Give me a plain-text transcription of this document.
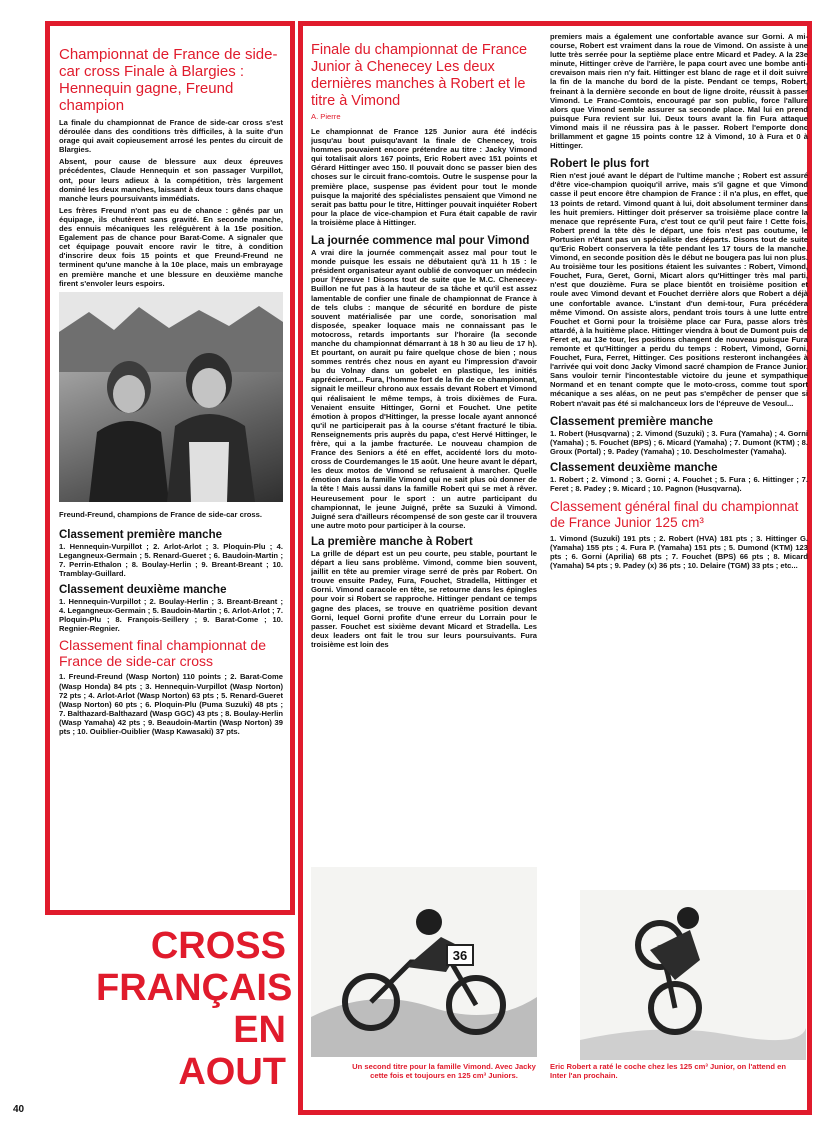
Championnat de France de side-car cross Finale à Blargies : Hennequin gagne, Freund champion

La finale du championnat de France de side-car cross s'est déroulée dans des conditions très difficiles, à la suite d'un orage qui avait copieusement arrosé les pentes du circuit de Blargies.

Absent, pour cause de blessure aux deux épreuves précédentes, Claude Hennequin et son passager Vurpillot, ont, pour leurs adieux à la compétition, très largement dominé les deux manches, laissant à deux tours dans chaque manche leurs poursuivants immédiats.

Les frères Freund n'ont pas eu de chance : gênés par un équipage, ils chutèrent sans gravité. En seconde manche, des ennuis mécaniques les reléguèrent à la 15e position. Egalement pas de chance pour Barat-Come. A signaler que cet équipage pouvait encore ravir le titre, à condition d'inscrire deux fois 15 points et que Freund-Freund ne terminent qu'une manche à la 10e place, mais un embrayage en première manche et une blessure en deuxième manche firent s'envoler leurs espoirs.

Freund-Freund, champions de France de side-car cross.
Classement première manche

1. Hennequin-Vurpillot ; 2. Arlot-Arlot ; 3. Ploquin-Plu ; 4. Legangneux-Germain ; 5. Renard-Gueret ; 6. Baudoin-Martin ; 7. Perrin-Ethalon ; 8. Boulay-Herlin ; 9. Breant-Breant ; 10. Tramblay-Guillard.

Classement deuxième manche

1. Hennequin-Vurpillot ; 2. Boulay-Herlin ; 3. Breant-Breant ; 4. Legangneux-Germain ; 5. Baudoin-Martin ; 6. Arlot-Arlot ; 7. Ploquin-Plu ; 8. François-Seillery ; 9. Barat-Come ; 10. Regnier-Regnier.

Classement final championnat de France de side-car cross

1. Freund-Freund (Wasp Norton) 110 points ; 2. Barat-Come (Wasp Honda) 84 pts ; 3. Hennequin-Vurpillot (Wasp Norton) 72 pts ; 4. Arlot-Arlot (Wasp Norton) 63 pts ; 5. Renard-Gueret (Wasp Norton) 60 pts ; 6. Ploquin-Plu (Puma Suzuki) 48 pts ; 7. Balthazard-Balthazard (Wasp GGC) 43 pts ; 8. Boulay-Herlin (Wasp Yamaha) 42 pts ; 9. Beaudoin-Martin (Wasp Norton) 39 pts ; 10. Ouiblier-Ouiblier (Wasp Kawasaki) 37 pts.

CROSS
FRANÇAIS
EN
AOUT
40
Finale du championnat de France Junior à Chenecey Les deux dernières manches à Robert et le titre à Vimond
A. Pierre

Le championnat de France 125 Junior aura été indécis jusqu'au bout puisqu'avant la finale de Chenecey, trois hommes pouvaient encore prétendre au titre : Jacky Vimond qui totalisait alors 167 points, Eric Robert avec 151 points et Gérard Hittinger avec 150. Il pouvait donc se passer bien des choses sur le circuit franc-comtois. Outre le suspense pour la première place, suspense pas évident pour tout le monde puisque la majorité des spécialistes pensaient que Vimond ne serait pas battu pour le titre, Hittinger pouvait inquiéter Robert pour la place de vice-champion et Fura était capable de ravir la troisième place à Hittinger.

La journée commence mal pour Vimond

A vrai dire la journée commençait assez mal pour tout le monde puisque les essais ne débutaient qu'à 11 h 15 : le président organisateur ayant oublié de convoquer un médecin pour l'épreuve ! Disons tout de suite que le M.C. Chenecey-Buillon ne fut pas à la hauteur de sa tâche et qu'il est assez lamentable de confier une finale de championnat de France à de tels clubs : manque de sécurité en bordure de piste souvent matérialisée par une corde, sonorisation mal disposée, speaker loquace mais ne connaissant pas le motocross, retards importants sur l'horaire (la seconde manche du championnat démarrant à 18 h 30 au lieu de 17 h). Et pourtant, on aurait pu faire quelque chose de bien ; nous sommes rentrés chez nous en ayant eu l'impression d'avoir bu du Volnay dans un gobelet en plastique, les initiés apprécieront... Fura, l'homme fort de la fin de ce championnat, signait le meilleur chrono aux essais devant Robert et Vimond qui réalisaient le même temps, à trois dixièmes de Fura. Venaient ensuite Hittinger, Gorni et Fouchet. Une petite émotion à propos d'Hittinger, la presse locale ayant annoncé qu'il ne participerait pas à la course s'étant fracturé le tibia. Renseignements pris auprès du papa, c'est Hervé Hittinger, le frère, qui a la jambe fracturée. Le nouveau champion de France des Seniors a été en effet, accidenté lors du moto-cross de Courdemanges le 15 août. Une heure avant le départ, les deux motos de Vimond se refusaient à marcher. Quelle émotion dans la famille Vimond qui ne sait plus où donner de la tête ! Mais aussi dans la famille Robert qui se met à rêver. Heureusement pour le sport : un autre participant du championnat, le jeune Juigné, prête sa Suzuki à Vimond. Juigné sera d'ailleurs récompensé de son geste car il trouvera une autre moto pour participer à la course.

La première manche à Robert

La grille de départ est un peu courte, peu stable, pourtant le départ a lieu sans problème. Vimond, comme bien souvent, jaillit en tête au premier virage serré de près par Robert. On trouve ensuite Padey, Fura, Fouchet, Stradella, Hittinger et Gorni. Vimond caracole en tête, se retourne dans les épingles pour voir si Robert se rapproche. Hittinger pendant ce temps gagne des places, se trouve en quatrième position devant Gorni, lequel Gorni profite d'une erreur du Lorrain pour le passer. Fouchet est sixième devant Micard et Stradella. Les deux leaders ont fait le trou sur leurs poursuivants. Fura troisième est loin des

36
Un second titre pour la famille Vimond. Avec Jacky cette fois et toujours en 125 cm³ Juniors.

premiers mais a également une confortable avance sur Gorni. A mi-course, Robert est vraiment dans la roue de Vimond. On assiste à une lutte très serrée pour la septième place entre Micard et Padey. A la 23e minute, Hittinger crève de l'arrière, le papa court avec une bombe anti-crevaison mais rien n'y fait. Hittinger est blanc de rage et il doit suivre la fin de la manche du bord de la piste. Pendant ce temps, Robert, freinant à la dernière seconde en bout de ligne droite, réussit à passer Vimond. Le Franc-Comtois, encouragé par son public, force l'allure alors que Vimond semble assurer sa seconde place. Mal lui en prend puisque Fura revient sur lui. Deux tours avant la fin Fura attaque Vimond mais il ne réussira pas à le passer. Robert l'emporte donc brillamment et gagne 15 points contre 12 à Vimond, 10 à Fura et 0 à Hittinger.

Robert le plus fort

Rien n'est joué avant le départ de l'ultime manche ; Robert est assuré d'être vice-champion quoiqu'il arrive, mais s'il gagne et que Vimond casse il peut encore être champion de France : il n'a plus, en effet, que 13 points de retard. Vimond quant à lui, doit absolument terminer dans les huit premiers. Hittinger doit préserver sa troisième place contre la menace que représente Fura, c'est tout ce qu'il peut faire ! Cette fois, Robert prend la tête dès le départ, une fois n'est pas coutume, le Portusien n'étant pas un spécialiste des départs. Disons tout de suite qu'Eric Robert conservera la tête pendant les 17 tours de la manche. Vimond, en seconde position dès le début ne bougera pas lui non plus. Au troisième tour les positions étaient les suivantes : Robert, Vimond, Fouchet, Fura, Geret, Gorni, Micart alors qu'Hittinger très mal parti, n'est que douzième. Fura se place bientôt en troisième position et roule avec Vimond devant et Fouchet derrière alors que Robert a déjà une confortable avance. L'instant d'un demi-tour, Fura précédera même Vimond. On assiste alors, pendant trois tours à une lutte entre Fouchet et Gorni pour la troisième place car Fura, passe alors très attardé, à la huitième place. Hittinger viendra à bout de Dumont puis de Feret et, au 13e tour, les positions changent de nouveau puisque Fura remonte et qu'Hittinger a perdu du temps : Robert, Vimond, Gorni, Fouchet, Fura, Ferret, Hittinger. Ces positions resteront inchangées à l'arrivée qui voit donc Jacky Vimond sacré champion de France Junior. Sans vouloir ternir l'incontestable victoire du jeune et sympathique Normand et en tenant compte que le moto-cross, comme tout sport mécanique a ses aléas, on ne peut pas s'empêcher de penser que si Robert n'avait pas été si malchanceux lors de l'épreuve de Vesoul...

Classement première manche

1. Robert (Husqvarna) ; 2. Vimond (Suzuki) ; 3. Fura (Yamaha) ; 4. Gorni (Yamaha) ; 5. Fouchet (BPS) ; 6. Micard (Yamaha) ; 7. Dumont (KTM) ; 8. Groux (Portal) ; 9. Padey (Yamaha) ; 10. Descholmester (Yamaha).

Classement deuxième manche

1. Robert ; 2. Vimond ; 3. Gorni ; 4. Fouchet ; 5. Fura ; 6. Hittinger ; 7. Feret ; 8. Padey ; 9. Micard ; 10. Pagnon (Husqvarna).

Classement général final du championnat de France Junior 125 cm³

1. Vimond (Suzuki) 191 pts ; 2. Robert (HVA) 181 pts ; 3. Hittinger G. (Yamaha) 155 pts ; 4. Fura P. (Yamaha) 151 pts ; 5. Dumond (KTM) 123 pts ; 6. Gorni (Aprilia) 68 pts ; 7. Fouchet (BPS) 66 pts ; 8. Micard (Yamaha) 54 pts ; 9. Padey (x) 36 pts ; 10. Delaire (TGM) 33 pts ; etc...

Eric Robert a raté le coche chez les 125 cm³ Junior, on l'attend en Inter l'an prochain.
